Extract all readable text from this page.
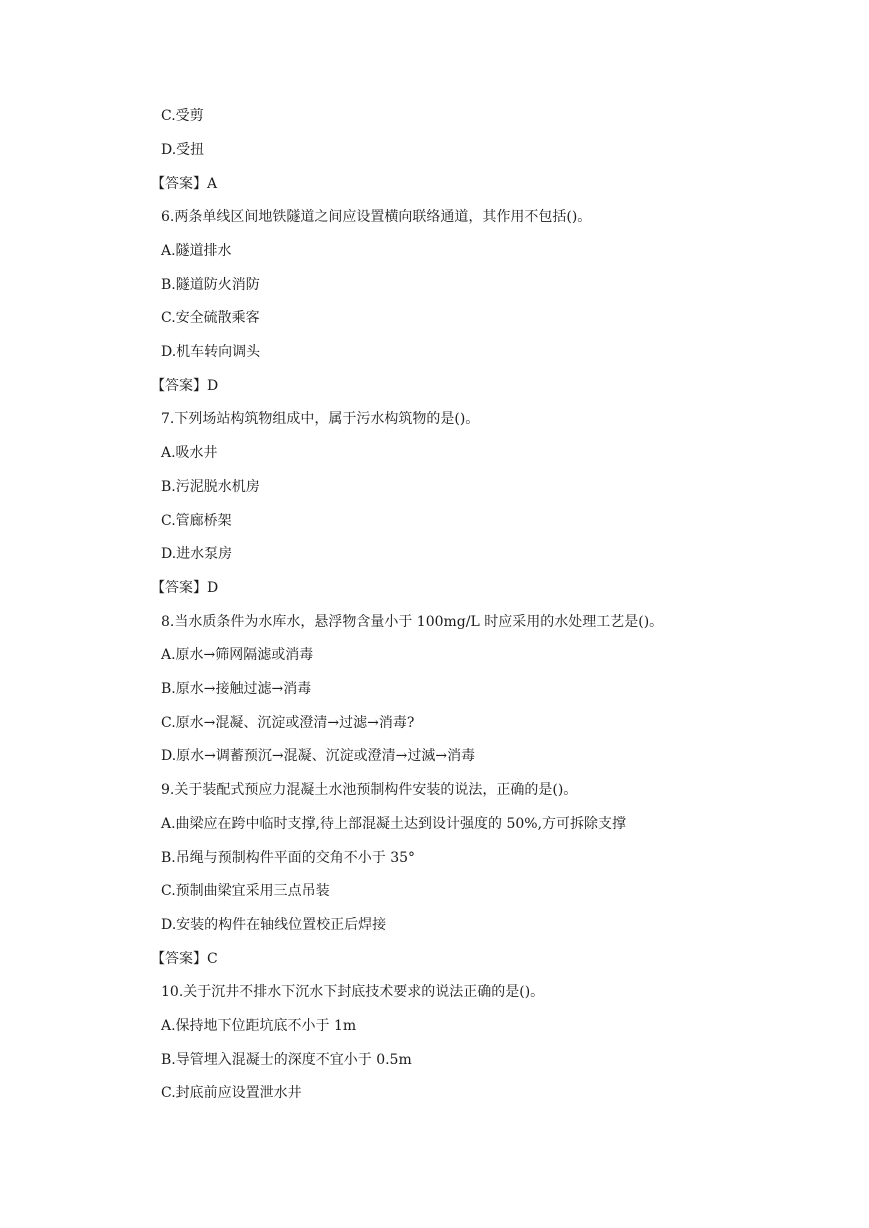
C.受剪
D.受扭
【答案】A
6.两条单线区间地铁隧道之间应设置横向联络通道，其作用不包括()。
A.隧道排水
B.隧道防火消防
C.安全硫散乘客
D.机车转向调头
【答案】D
7.下列场站构筑物组成中，属于污水构筑物的是()。
A.吸水井
B.污泥脱水机房
C.管廊桥架
D.进水泵房
【答案】D
8.当水质条件为水库水，悬浮物含量小于 100mg/L 时应采用的水处理工艺是()。
A.原水→筛网隔滤或消毒
B.原水→接触过滤→消毒
C.原水→混凝、沉淀或澄清→过滤→消毒?
D.原水→调蓄预沉→混凝、沉淀或澄清→过滅→消毒
9.关于装配式预应力混凝土水池预制构件安装的说法，正确的是()。
A.曲梁应在跨中临时支撑,待上部混凝土达到设计强度的 50%,方可拆除支撑
B.吊绳与预制构件平面的交角不小于 35°
C.预制曲梁宜采用三点吊装
D.安装的构件在轴线位置校正后焊接
【答案】C
10.关于沉井不排水下沉水下封底技术要求的说法正确的是()。
A.保持地下位距坑底不小于 1m
B.导管埋入混凝士的深度不宜小于 0.5m
C.封底前应设置泄水井
